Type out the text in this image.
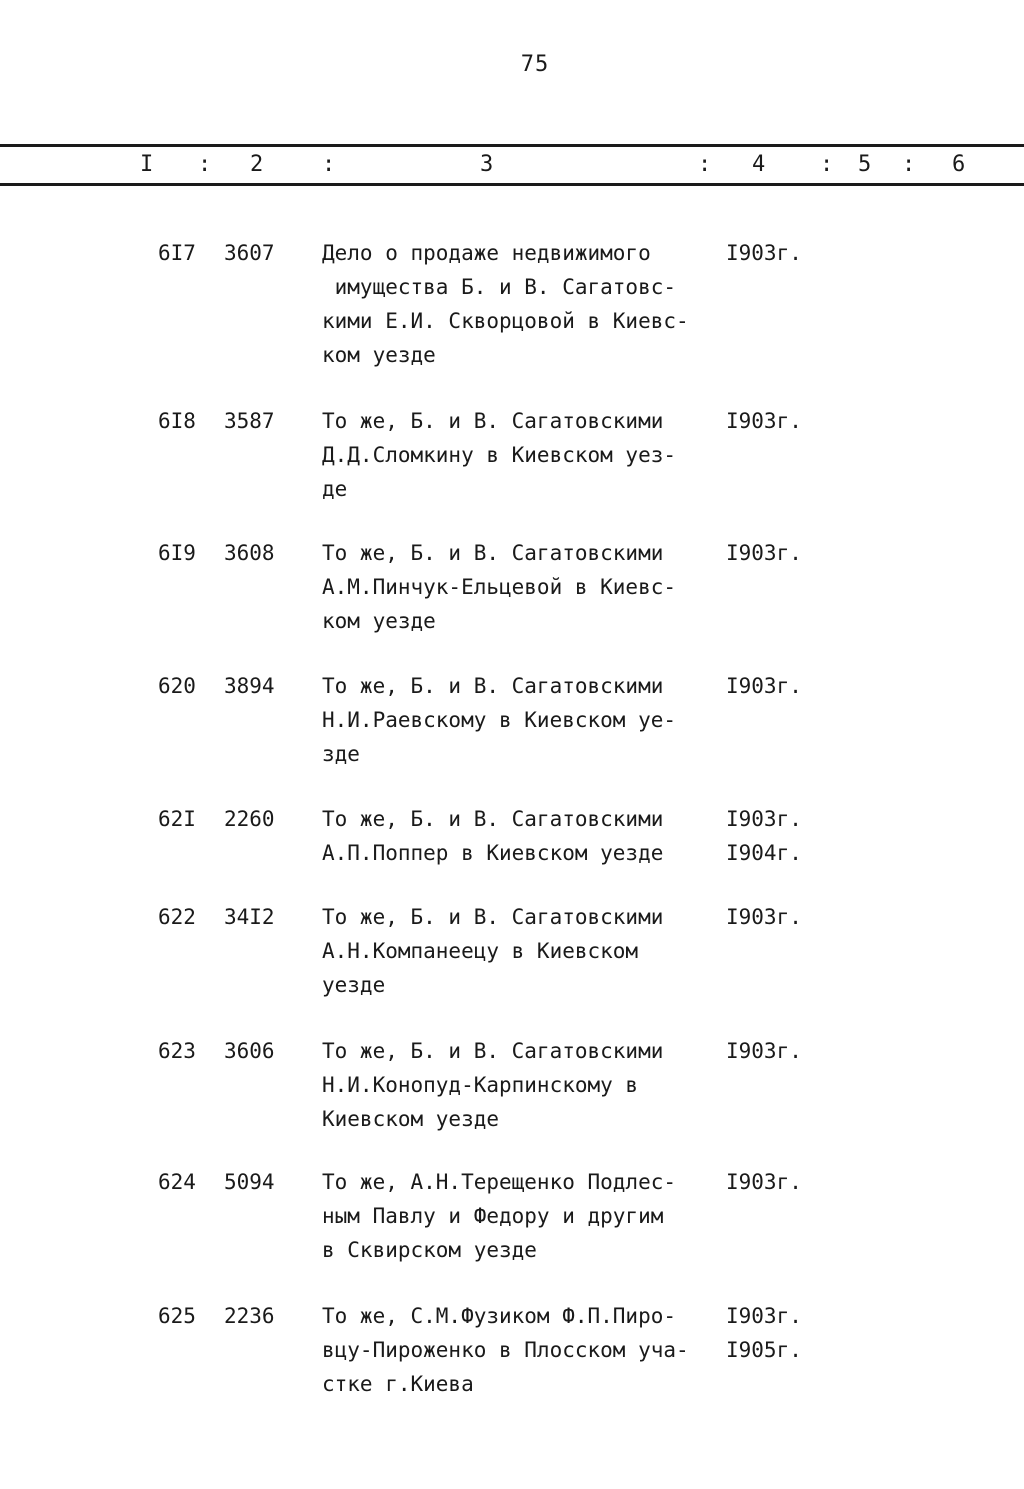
75
I : 2	:	3	: 4 : 5 : 6
6I7 3607 Дело о продаже недвижимого
имущества Б. и В. Сагатовс-
кими Е.И. Скворцовой в Киевс-
ком уезде
I903г.
6I8 3587 То же, Б. и В. Сагатовскими
Д.Д.Сломкину в Киевском уез-
де
I903г.
6I9 3608 То же, Б. и В. Сагатовскими
А.М.Пинчук-Ельцевой в Киевс-
ком уезде
I903г.
620 3894 То же, Б. и В. Сагатовскими
Н.И.Раевскому в Киевском уе-
зде
I903г.
62I 2260 То же, Б. и В. Сагатовскими
А.П.Поппер в Киевском уезде
I903г.
I904г.
622 34I2 То же, Б. и В. Сагатовскими
А.Н.Компанеецу в Киевском
уезде
I903г.
623 3606 То же, Б. и В. Сагатовскими
Н.И.Конопуд-Карпинскому в
Киевском уезде
I903г.
624 5094 То же, А.Н.Терещенко Подлес-
ным Павлу и Федору и другим
в Сквирском уезде
I903г.
625 2236 То же, С.М.Фузиком Ф.П.Пиро-
вцу-Пироженко в Плосском уча-
стке г.Киева
I903г.
I905г.
